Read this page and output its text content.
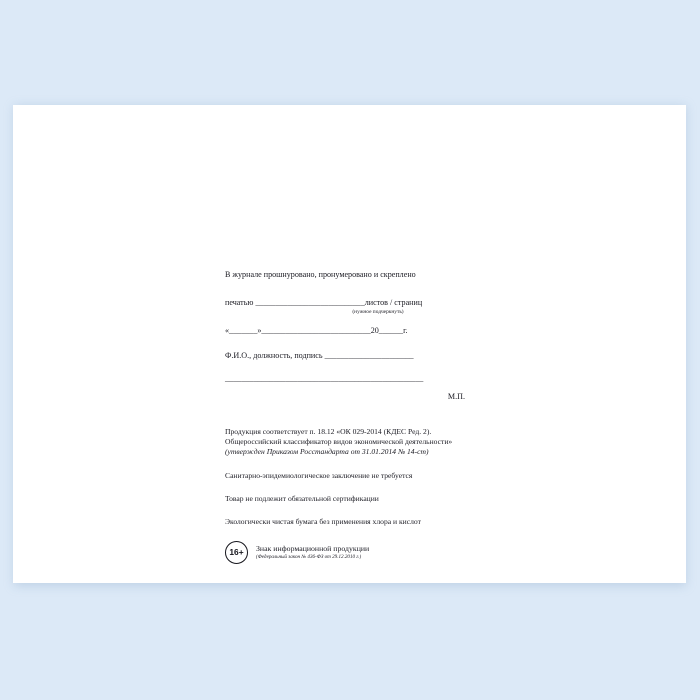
В журнале прошнуровано, пронумеровано и скреплено
печатью ___________________________листов / страниц
(нужное подчеркнуть)
«_______»___________________________20______г.
Ф.И.О., должность, подпись ______________________
_________________________________________________
М.П.
Продукция соответствует п. 18.12 «ОК 029-2014 (КДЕС Ред. 2).
Общероссийский классификатор видов экономической деятельности»
(утвержден Приказом Росстандарта от 31.01.2014 № 14-ст)
Санитарно-эпидемиологическое заключение не требуется
Товар не подлежит обязательной сертификации
Экологически чистая бумага без применения хлора и кислот
16+	Знак информационной продукции
(Федеральный закон № 436-ФЗ от 29.12.2010 г.)
